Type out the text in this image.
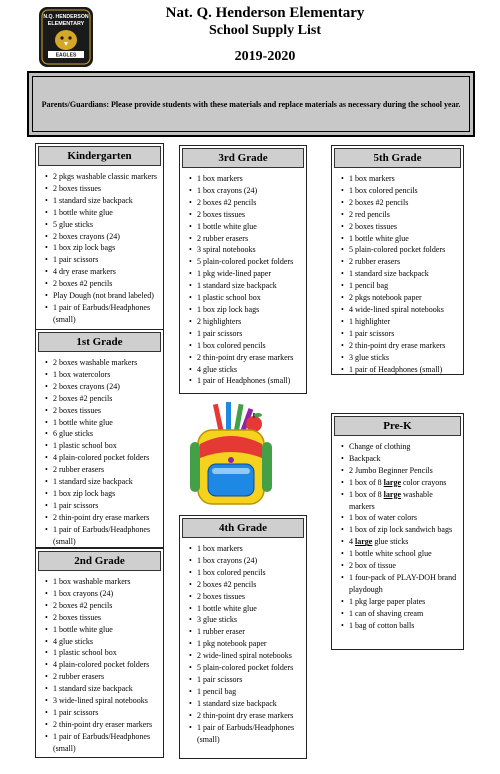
N.Q. HENDERSON
ELEMENTARY
EAGLES
Nat. Q. Henderson Elementary
School Supply List
2019-2020
Parents/Guardians: Please provide students with these materials and replace materials as necessary during the school year.
Kindergarten
• 2 pkgs washable classic markers
• 2 boxes tissues
• 1 standard size backpack
• 1 bottle white glue
• 5 glue sticks
• 2 boxes crayons (24)
• 1 box zip lock bags
• 1 pair scissors
• 4 dry erase markers
• 2 boxes #2 pencils
• Play Dough (not brand labeled)
• 1 pair of Earbuds/Headphones (small)
1st Grade
• 2 boxes washable markers
• 1 box watercolors
• 2 boxes crayons (24)
• 2 boxes #2 pencils
• 2 boxes tissues
• 1 bottle white glue
• 6 glue sticks
• 1 plastic school box
• 4 plain-colored pocket folders
• 2 rubber erasers
• 1 standard size backpack
• 1 box zip lock bags
• 1 pair scissors
• 2 thin-point dry erase markers
• 1 pair of Earbuds/Headphones (small)
2nd Grade
• 1 box washable markers
• 1 box crayons (24)
• 2 boxes #2 pencils
• 2 boxes tissues
• 1 bottle white glue
• 4 glue sticks
• 1 plastic school box
• 4 plain-colored pocket folders
• 2 rubber erasers
• 1 standard size backpack
• 3 wide-lined spiral notebooks
• 1 pair scissors
• 2 thin-point dry eraser markers
• 1 pair of Earbuds/Headphones (small)
3rd Grade
• 1 box markers
• 1 box crayons (24)
• 2 boxes #2 pencils
• 2 boxes tissues
• 1 bottle white glue
• 2 rubber erasers
• 3 spiral notebooks
• 5 plain-colored pocket folders
• 1 pkg wide-lined paper
• 1 standard size backpack
• 1 plastic school box
• 1 box zip lock bags
• 2 highlighters
• 1 pair scissors
• 1 box colored pencils
• 2 thin-point dry erase markers
• 4 glue sticks
• 1 pair of Headphones (small)
4th Grade
• 1 box markers
• 1 box crayons (24)
• 1 box colored pencils
• 2 boxes #2 pencils
• 2 boxes tissues
• 1 bottle white glue
• 3 glue sticks
• 1 rubber eraser
• 1 pkg notebook paper
• 2 wide-lined spiral notebooks
• 5 plain-colored pocket folders
• 1 pair scissors
• 1 pencil bag
• 1 standard size backpack
• 2 thin-point dry erase markers
• 1 pair of Earbuds/Headphones (small)
5th Grade
• 1 box markers
• 1 box colored pencils
• 2 boxes #2 pencils
• 2 red pencils
• 2 boxes tissues
• 1 bottle white glue
• 5 plain-colored pocket folders
• 2 rubber erasers
• 1 standard size backpack
• 1 pencil bag
• 2 pkgs notebook paper
• 4 wide-lined spiral notebooks
• 1 highlighter
• 1 pair scissors
• 2 thin-point dry erase markers
• 3 glue sticks
• 1 pair of Headphones (small)
Pre-K
• Change of clothing
• Backpack
• 2 Jumbo Beginner Pencils
• 1 box of 8 large color crayons
• 1 box of 8 large washable markers
• 1 box of water colors
• 1 box of zip lock sandwich bags
• 4 large glue sticks
• 1 bottle white school glue
• 2 box of tissue
• 1 four-pack of PLAY-DOH brand playdough
• 1 pkg large paper plates
• 1 can of shaving cream
• 1 bag of cotton balls
